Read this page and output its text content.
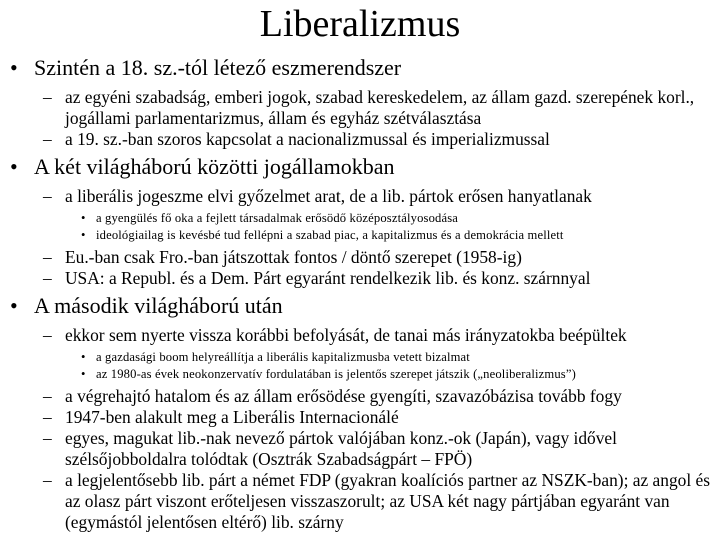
Liberalizmus
• Szintén a 18. sz.-tól létező eszmerendszer
– az egyéni szabadság, emberi jogok, szabad kereskedelem, az állam gazd. szerepének korl., jogállami parlamentarizmus, állam és egyház szétválasztása
– a 19. sz.-ban szoros kapcsolat a nacionalizmussal és imperializmussal
• A két világháború közötti jogállamokban
– a liberális jogeszme elvi győzelmet arat, de a lib. pártok erősen hanyatlanak
• a gyengülés fő oka a fejlett társadalmak erősödő középosztályosodása
• ideológiailag is kevésbé tud fellépni a szabad piac, a kapitalizmus és a demokrácia mellett
– Eu.-ban csak Fro.-ban játszottak fontos / döntő szerepet (1958-ig)
– USA: a Republ. és a Dem. Párt egyaránt rendelkezik lib. és konz. szárnnyal
• A második világháború után
– ekkor sem nyerte vissza korábbi befolyását, de tanai más irányzatokba beépültek
• a gazdasági boom helyreállítja a liberális kapitalizmusba vetett bizalmat
• az 1980-as évek neokonzervatív fordulatában is jelentős szerepet játszik („neoliberalizmus”)
– a végrehajtó hatalom és az állam erősödése gyengíti, szavazóbázisa tovább fogy
– 1947-ben alakult meg a Liberális Internacionálé
– egyes, magukat lib.-nak nevező pártok valójában konz.-ok (Japán), vagy idővel szélsőjobboldalra tolódtak (Osztrák Szabadságpárt – FPÖ)
– a legjelentősebb lib. párt a német FDP (gyakran koalíciós partner az NSZK-ban); az angol és az olasz párt viszont erőteljesen visszaszorult; az USA két nagy pártjában egyaránt van (egymástól jelentősen eltérő) lib. szárny
